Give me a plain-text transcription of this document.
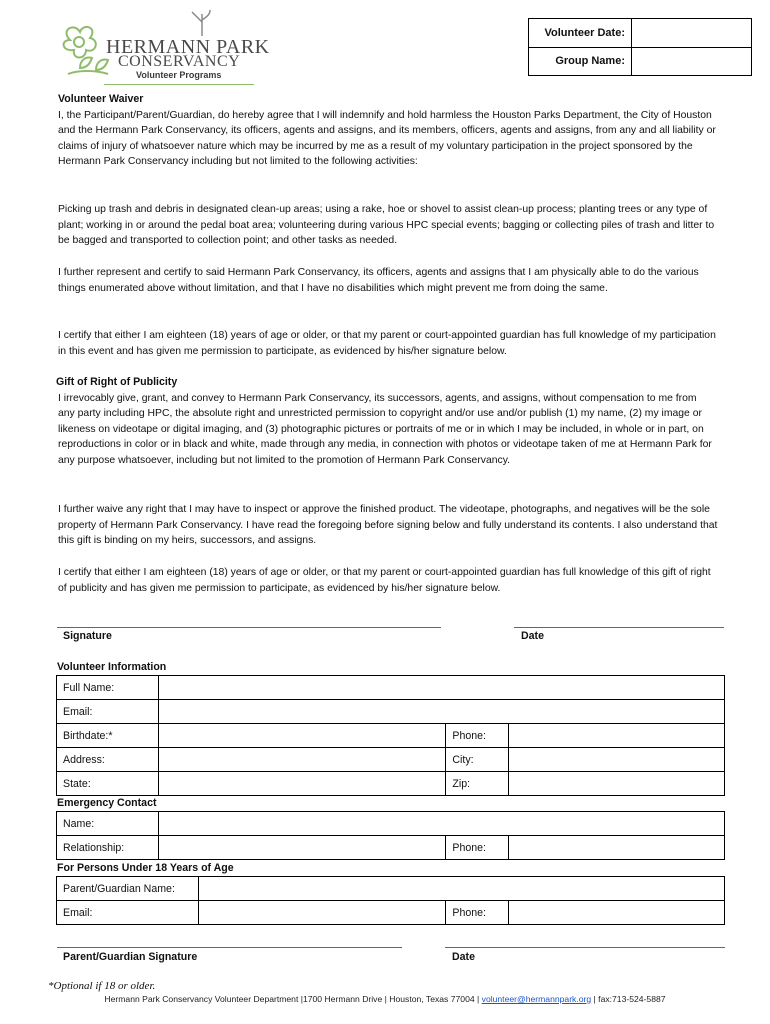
HERMANN PARK
CONSERVANCY
Volunteer Programs
Volunteer Date:	
Group Name:	
Volunteer Waiver

I, the Participant/Parent/Guardian, do hereby agree that I will indemnify and hold harmless the Houston Parks Department, the City of Houston and the Hermann Park Conservancy, its officers, agents and assigns, and its members, officers, agents and assigns, from any and all liability or claims of injury of whatsoever nature which may be incurred by me as a result of my voluntary participation in the project sponsored by the Hermann Park Conservancy including but not limited to the following activities:

Picking up trash and debris in designated clean-up areas; using a rake, hoe or shovel to assist clean-up process; planting trees or any type of plant; working in or around the pedal boat area; volunteering during various HPC special events; bagging or collecting piles of trash and litter to be bagged and transported to collection point; and other tasks as needed.

I further represent and certify to said Hermann Park Conservancy, its officers, agents and assigns that I am physically able to do the various things enumerated above without limitation, and that I have no disabilities which might prevent me from doing the same.

I certify that either I am eighteen (18) years of age or older, or that my parent or court-appointed guardian has full knowledge of my participation in this event and has given me permission to participate, as evidenced by his/her signature below.

Gift of Right of Publicity

I irrevocably give, grant, and convey to Hermann Park Conservancy, its successors, agents, and assigns, without compensation to me from any party including HPC, the absolute right and unrestricted permission to copyright and/or use and/or publish (1) my name, (2) my image or likeness on videotape or digital imaging, and (3) photographic pictures or portraits of me or in which I may be included, in whole or in part, on reproductions in color or in black and white, made through any media, in connection with photos or videotape taken of me at Hermann Park for any purpose whatsoever, including but not limited to the promotion of Hermann Park Conservancy.

I further waive any right that I may have to inspect or approve the finished product. The videotape, photographs, and negatives will be the sole property of Hermann Park Conservancy. I have read the foregoing before signing below and fully understand its contents. I also understand that this gift is binding on my heirs, successors, and assigns.

I certify that either I am eighteen (18) years of age or older, or that my parent or court-appointed guardian has full knowledge of this gift of right of publicity and has given me permission to participate, as evidenced by his/her signature below.

Signature	Date
Volunteer Information
Full Name:			
Email:			
Birthdate:*		Phone:	
Address:		City:	
State:		Zip:	
Emergency Contact
Name:			
Relationship:		Phone:	
For Persons Under 18 Years of Age
Parent/Guardian Name:			
Email:		Phone:	
Parent/Guardian Signature	Date
*Optional if 18 or older.
Hermann Park Conservancy Volunteer Department |1700 Hermann Drive | Houston, Texas 77004 | volunteer@hermannpark.org | fax:713-524-5887
